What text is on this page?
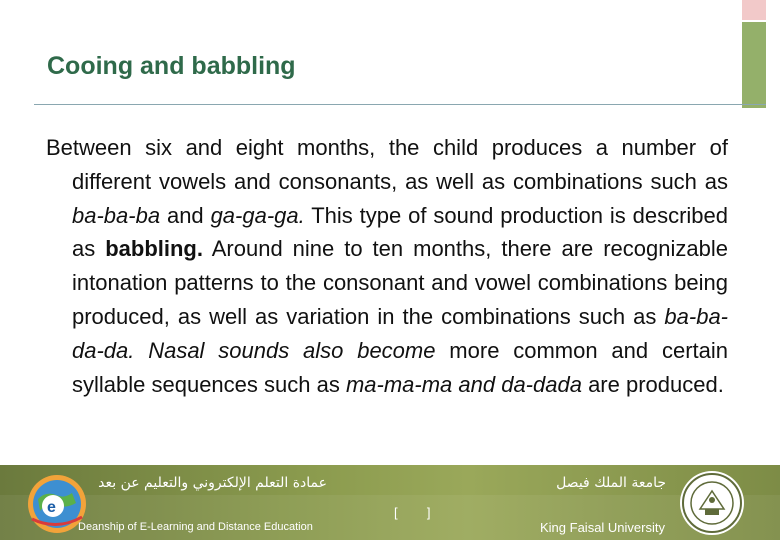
Cooing and babbling
Between six and eight months, the child produces a number of different vowels and consonants, as well as combinations such as ba-ba-ba and ga-ga-ga. This type of sound production is described as babbling. Around nine to ten months, there are recognizable intonation patterns to the consonant and vowel combinations being produced, as well as variation in the combinations such as ba-ba-da-da. Nasal sounds also become more common and certain syllable sequences such as ma-ma-ma and da-dada are produced.
e
عمادة التعلم الإلكتروني والتعليم عن بعد
Deanship of E-Learning and Distance Education
[ ]
جامعة الملك فيصل
King Faisal University
